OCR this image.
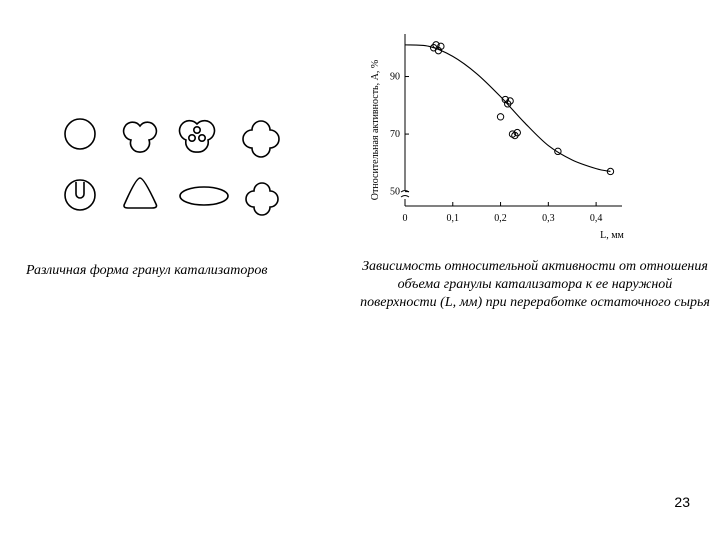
50
70
90
0	0,1	0,2	0,3	0,4
Относительная активность, A, %
L, мм
Различная форма гранул катализаторов	Зависимость относительной активности от отношения объема гранулы катализатора к ее наружной поверхности (L, мм) при переработке остаточного сырья
23
